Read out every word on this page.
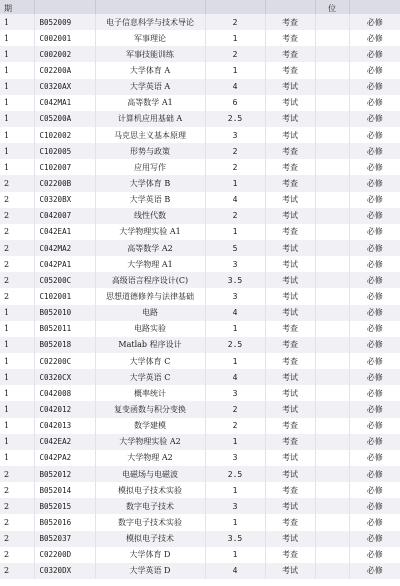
期					位	
1	B052009	电子信息科学与技术导论	2	考查		必修
1	C002001	军事理论	1	考查		必修
1	C002002	军事技能训练	2	考查		必修
1	C02200A	大学体育 A	1	考查		必修
1	C0320AX	大学英语 A	4	考试		必修
1	C042MA1	高等数学 A1	6	考试		必修
1	C05200A	计算机应用基础 A	2.5	考试		必修
1	C102002	马克思主义基本原理	3	考试		必修
1	C102005	形势与政策	2	考查		必修
1	C102007	应用写作	2	考查		必修
2	C02200B	大学体育 B	1	考查		必修
2	C0320BX	大学英语 B	4	考试		必修
2	C042007	线性代数	2	考试		必修
2	C042EA1	大学物理实验 A1	1	考查		必修
2	C042MA2	高等数学 A2	5	考试		必修
2	C042PA1	大学物理 A1	3	考试		必修
2	C05200C	高级语言程序设计(C)	3.5	考试		必修
2	C102001	思想道德修养与法律基础	3	考试		必修
1	B052010	电路	4	考试		必修
1	B052011	电路实验	1	考查		必修
1	B052018	Matlab 程序设计	2.5	考查		必修
1	C02200C	大学体育 C	1	考查		必修
1	C0320CX	大学英语 C	4	考试		必修
1	C042008	概率统计	3	考试		必修
1	C042012	复变函数与积分变换	2	考试		必修
1	C042013	数学建模	2	考查		必修
1	C042EA2	大学物理实验 A2	1	考查		必修
1	C042PA2	大学物理 A2	3	考试		必修
2	B052012	电磁场与电磁波	2.5	考试		必修
2	B052014	模拟电子技术实验	1	考查		必修
2	B052015	数字电子技术	3	考试		必修
2	B052016	数字电子技术实验	1	考查		必修
2	B052037	模拟电子技术	3.5	考试		必修
2	C02200D	大学体育 D	1	考查		必修
2	C0320DX	大学英语 D	4	考试		必修
